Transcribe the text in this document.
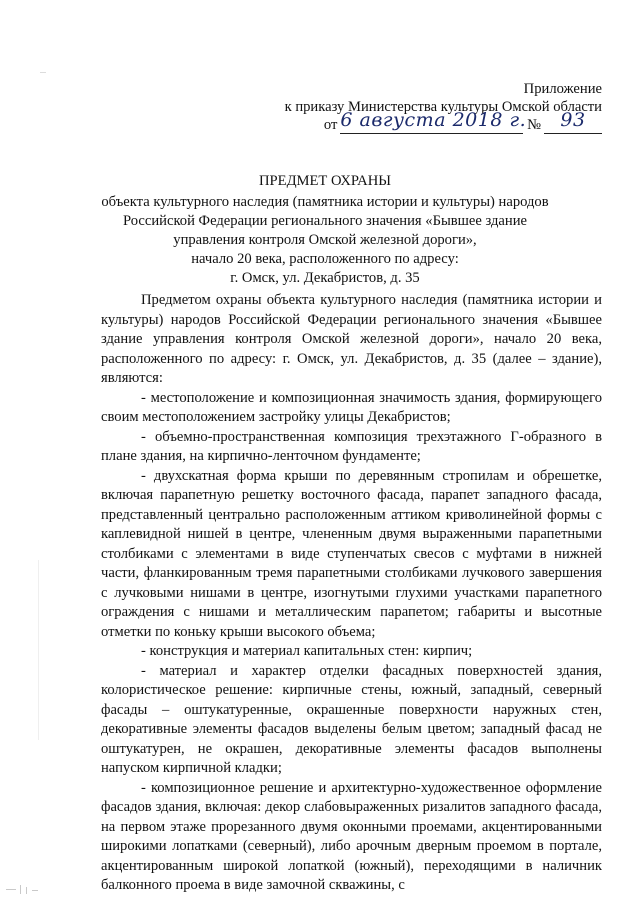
Приложение
к приказу Министерства культуры Омской области
от 6 августа 2018 г. №	93
ПРЕДМЕТ ОХРАНЫ
объекта культурного наследия (памятника истории и культуры) народов
Российской Федерации регионального значения «Бывшее здание
управления контроля Омской железной дороги»,
начало 20 века, расположенного по адресу:
г. Омск, ул. Декабристов, д. 35

Предметом охраны объекта культурного наследия (памятника истории и культуры) народов Российской Федерации регионального значения «Бывшее здание управления контроля Омской железной дороги», начало 20 века, расположенного по адресу: г. Омск, ул. Декабристов, д. 35 (далее – здание), являются:

- местоположение и композиционная значимость здания, формирующего своим местоположением застройку улицы Декабристов;

- объемно-пространственная композиция трехэтажного Г-образного в плане здания, на кирпично-ленточном фундаменте;

- двухскатная форма крыши по деревянным стропилам и обрешетке, включая парапетную решетку восточного фасада, парапет западного фасада, представленный центрально расположенным аттиком криволинейной формы с каплевидной нишей в центре, члененным двумя выраженными парапетными столбиками с элементами в виде ступенчатых свесов с муфтами в нижней части, фланкированным тремя парапетными столбиками лучкового завершения с лучковыми нишами в центре, изогнутыми глухими участками парапетного ограждения с нишами и металлическим парапетом; габариты и высотные отметки по коньку крыши высокого объема;

- конструкция и материал капитальных стен: кирпич;

- материал и характер отделки фасадных поверхностей здания, колористическое решение: кирпичные стены, южный, западный, северный фасады – оштукатуренные, окрашенные поверхности наружных стен, декоративные элементы фасадов выделены белым цветом; западный фасад не оштукатурен, не окрашен, декоративные элементы фасадов выполнены напуском кирпичной кладки;

- композиционное решение и архитектурно-художественное оформление фасадов здания, включая: декор слабовыраженных ризалитов западного фасада, на первом этаже прорезанного двумя оконными проемами, акцентированными широкими лопатками (северный), либо арочным дверным проемом в портале, акцентированным широкой лопаткой (южный), переходящими в наличник балконного проема в виде замочной скважины, с
